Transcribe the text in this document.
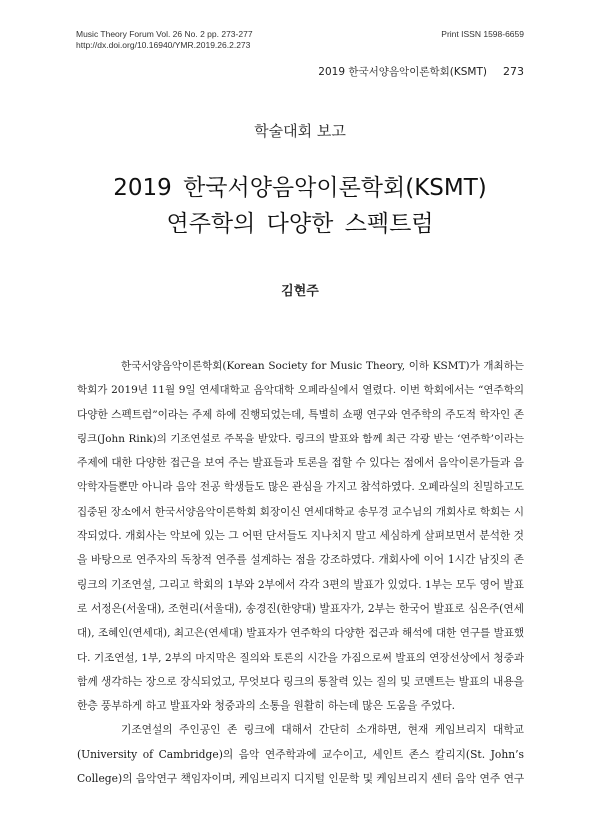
Music Theory Forum Vol. 26 No. 2 pp. 273-277
http://dx.doi.org/10.16940/YMR.2019.26.2.273
Print ISSN 1598-6659
2019 한국서양음악이론학회(KSMT) 273
학술대회 보고
2019 한국서양음악이론학회(KSMT)
연주학의 다양한 스펙트럼
김현주
한국서양음악이론학회(Korean Society for Music Theory, 이하 KSMT)가 개최하는
학회가 2019년 11월 9일 연세대학교 음악대학 오페라실에서 열렸다. 이번 학회에서는 “연주학의
다양한 스펙트럼”이라는 주제 하에 진행되었는데, 특별히 쇼팽 연구와 연주학의 주도적 학자인 존
링크(John Rink)의 기조연설로 주목을 받았다. 링크의 발표와 함께 최근 각광 받는 ‘연주학’이라는
주제에 대한 다양한 접근을 보여 주는 발표들과 토론을 접할 수 있다는 점에서 음악이론가들과 음
악학자들뿐만 아니라 음악 전공 학생들도 많은 관심을 가지고 참석하였다. 오페라실의 친밀하고도
집중된 장소에서 한국서양음악이론학회 회장이신 연세대학교 송무경 교수님의 개회사로 학회는 시
작되었다. 개회사는 악보에 있는 그 어떤 단서들도 지나치지 말고 세심하게 살펴보면서 분석한 것
을 바탕으로 연주자의 독창적 연주를 설계하는 점을 강조하였다. 개회사에 이어 1시간 남짓의 존
링크의 기조연설, 그리고 학회의 1부와 2부에서 각각 3편의 발표가 있었다. 1부는 모두 영어 발표
로 서정은(서울대), 조현리(서울대), 송경진(한양대) 발표자가, 2부는 한국어 발표로 심은주(연세
대), 조혜인(연세대), 최고은(연세대) 발표자가 연주학의 다양한 접근과 해석에 대한 연구를 발표했
다. 기조연설, 1부, 2부의 마지막은 질의와 토론의 시간을 가짐으로써 발표의 연장선상에서 청중과
함께 생각하는 장으로 장식되었고, 무엇보다 링크의 통찰력 있는 질의 및 코멘트는 발표의 내용을
한층 풍부하게 하고 발표자와 청중과의 소통을 원활히 하는데 많은 도움을 주었다.
기조연설의 주인공인 존 링크에 대해서 간단히 소개하면, 현재 케임브리지 대학교
(University of Cambridge)의 음악 연주학과에 교수이고, 세인트 존스 칼리지(St. John’s
College)의 음악연구 책임자이며, 케임브리지 디지털 인문학 및 케임브리지 센터 음악 연주 연구
